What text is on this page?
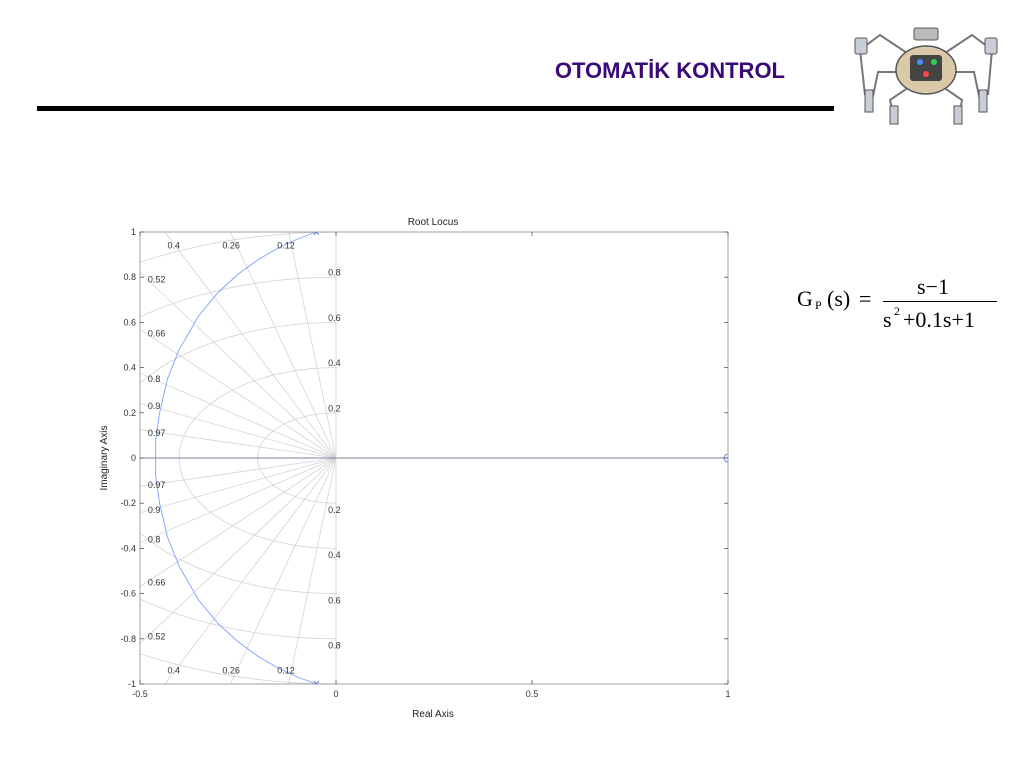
OTOMATİK KONTROL
-0.5	0	0.5	1
-1
-0.8
-0.6
-0.4
-0.2
0
0.2
0.4
0.6
0.8
1
0.4	0.26	0.12
0.52
0.66
0.8
0.9
0.97
0.97
0.9
0.8
0.66
0.52
0.4	0.26	0.12
0.8
0.6
0.4
0.2
0.2
0.4
0.6
0.8
Root Locus
Real Axis
Imaginary Axis
G P (s) = s−1
s 2 +0.1s+1
